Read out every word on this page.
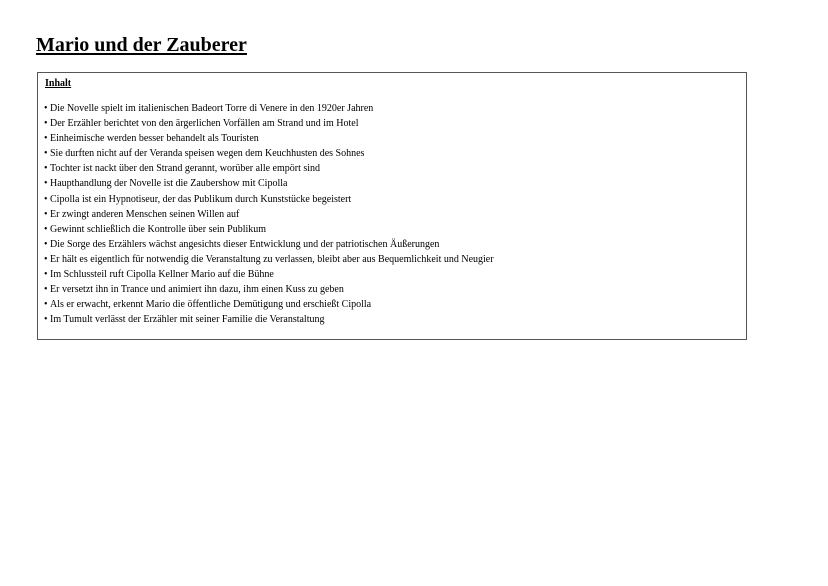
Mario und der Zauberer
Inhalt
• Die Novelle spielt im italienischen Badeort Torre di Venere in den 1920er Jahren
• Der Erzähler berichtet von den ärgerlichen Vorfällen am Strand und im Hotel
• Einheimische werden besser behandelt als Touristen
• Sie durften nicht auf der Veranda speisen wegen dem Keuchhusten des Sohnes
• Tochter ist nackt über den Strand gerannt, worüber alle empört sind
• Haupthandlung der Novelle ist die Zaubershow mit Cipolla
• Cipolla ist ein Hypnotiseur, der das Publikum durch Kunststücke begeistert
• Er zwingt anderen Menschen seinen Willen auf
• Gewinnt schließlich die Kontrolle über sein Publikum
• Die Sorge des Erzählers wächst angesichts dieser Entwicklung und der patriotischen Äußerungen
• Er hält es eigentlich für notwendig die Veranstaltung zu verlassen, bleibt aber aus Bequemlichkeit und Neugier
• Im Schlussteil ruft Cipolla Kellner Mario auf die Bühne
• Er versetzt ihn in Trance und animiert ihn dazu, ihm einen Kuss zu geben
• Als er erwacht, erkennt Mario die öffentliche Demütigung und erschießt Cipolla
• Im Tumult verlässt der Erzähler mit seiner Familie die Veranstaltung
